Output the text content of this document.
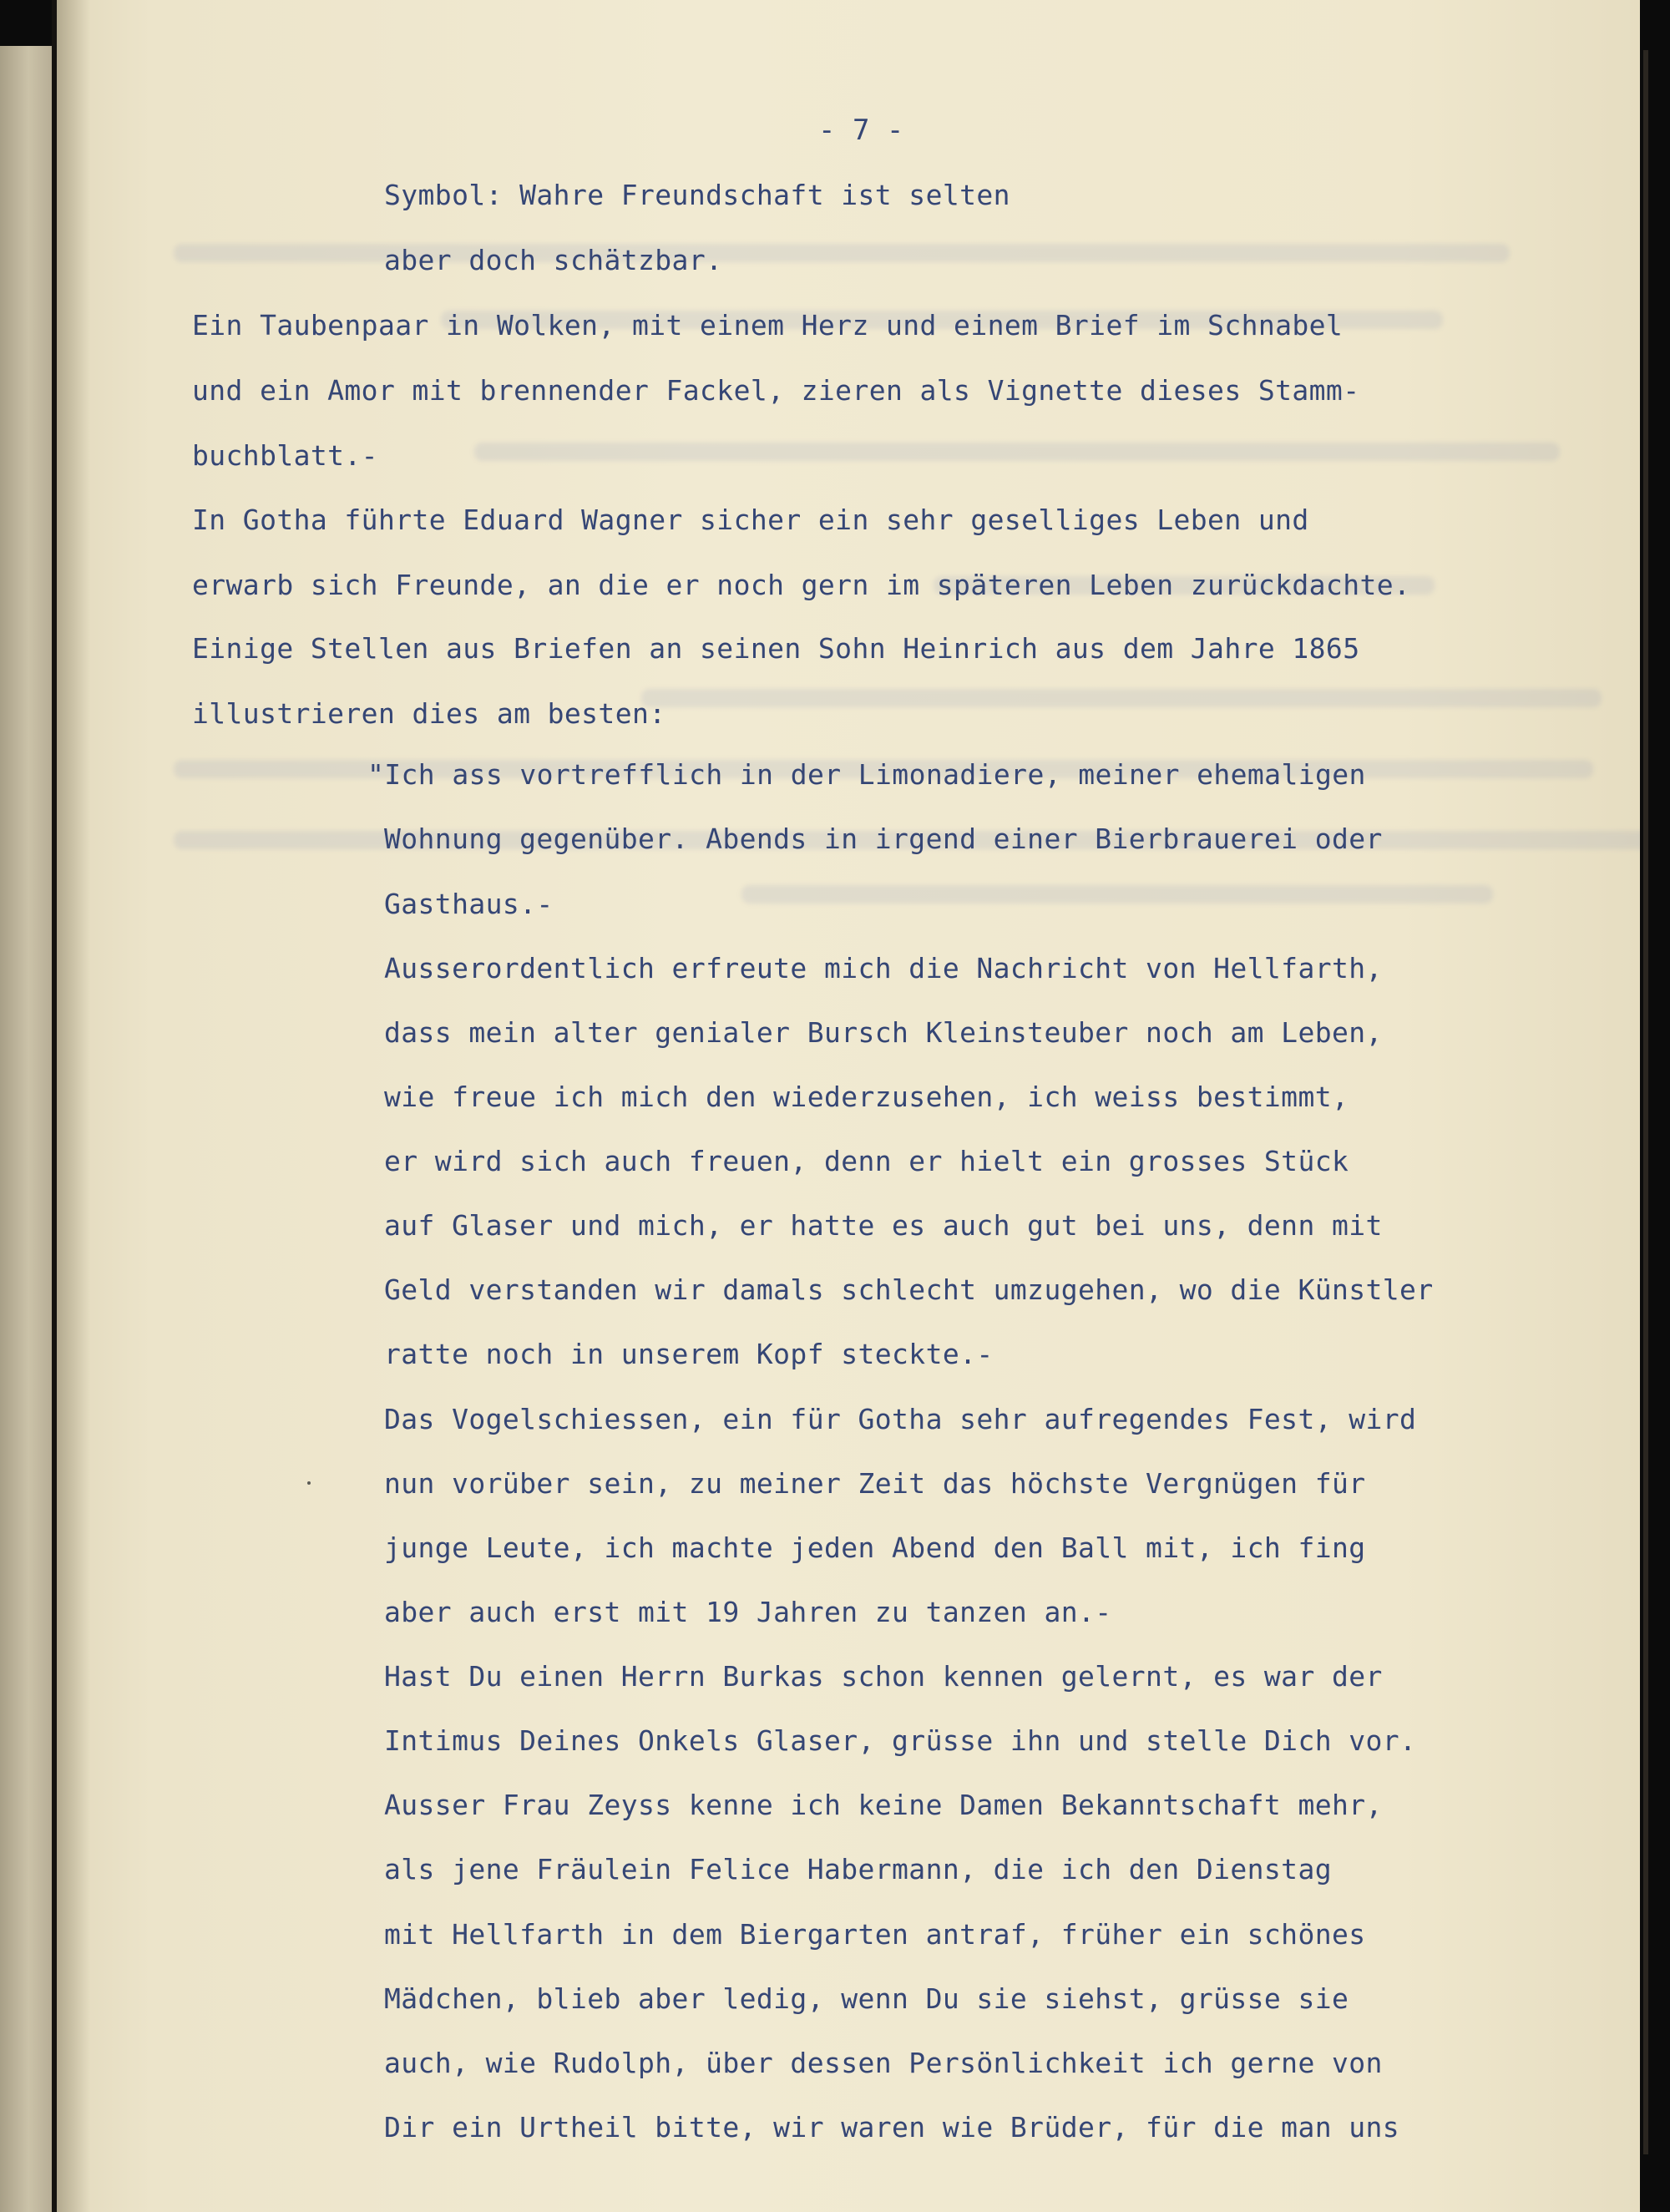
- 7 -
Symbol: Wahre Freundschaft ist selten
aber doch schätzbar.
Ein Taubenpaar in Wolken, mit einem Herz und einem Brief im Schnabel
und ein Amor mit brennender Fackel, zieren als Vignette dieses Stamm-
buchblatt.-
In Gotha führte Eduard Wagner sicher ein sehr geselliges Leben und
erwarb sich Freunde, an die er noch gern im späteren Leben zurückdachte.
Einige Stellen aus Briefen an seinen Sohn Heinrich aus dem Jahre 1865
illustrieren dies am besten:
"Ich ass vortrefflich in der Limonadiere, meiner ehemaligen
Wohnung gegenüber. Abends in irgend einer Bierbrauerei oder
Gasthaus.-
Ausserordentlich erfreute mich die Nachricht von Hellfarth,
dass mein alter genialer Bursch Kleinsteuber noch am Leben,
wie freue ich mich den wiederzusehen, ich weiss bestimmt,
er wird sich auch freuen, denn er hielt ein grosses Stück
auf Glaser und mich, er hatte es auch gut bei uns, denn mit
Geld verstanden wir damals schlecht umzugehen, wo die Künstler
ratte noch in unserem Kopf steckte.-
Das Vogelschiessen, ein für Gotha sehr aufregendes Fest, wird
nun vorüber sein, zu meiner Zeit das höchste Vergnügen für
junge Leute, ich machte jeden Abend den Ball mit, ich fing
aber auch erst mit 19 Jahren zu tanzen an.-
Hast Du einen Herrn Burkas schon kennen gelernt, es war der
Intimus Deines Onkels Glaser, grüsse ihn und stelle Dich vor.
Ausser Frau Zeyss kenne ich keine Damen Bekanntschaft mehr,
als jene Fräulein Felice Habermann, die ich den Dienstag
mit Hellfarth in dem Biergarten antraf, früher ein schönes
Mädchen, blieb aber ledig, wenn Du sie siehst, grüsse sie
auch, wie Rudolph, über dessen Persönlichkeit ich gerne von
Dir ein Urtheil bitte, wir waren wie Brüder, für die man uns
